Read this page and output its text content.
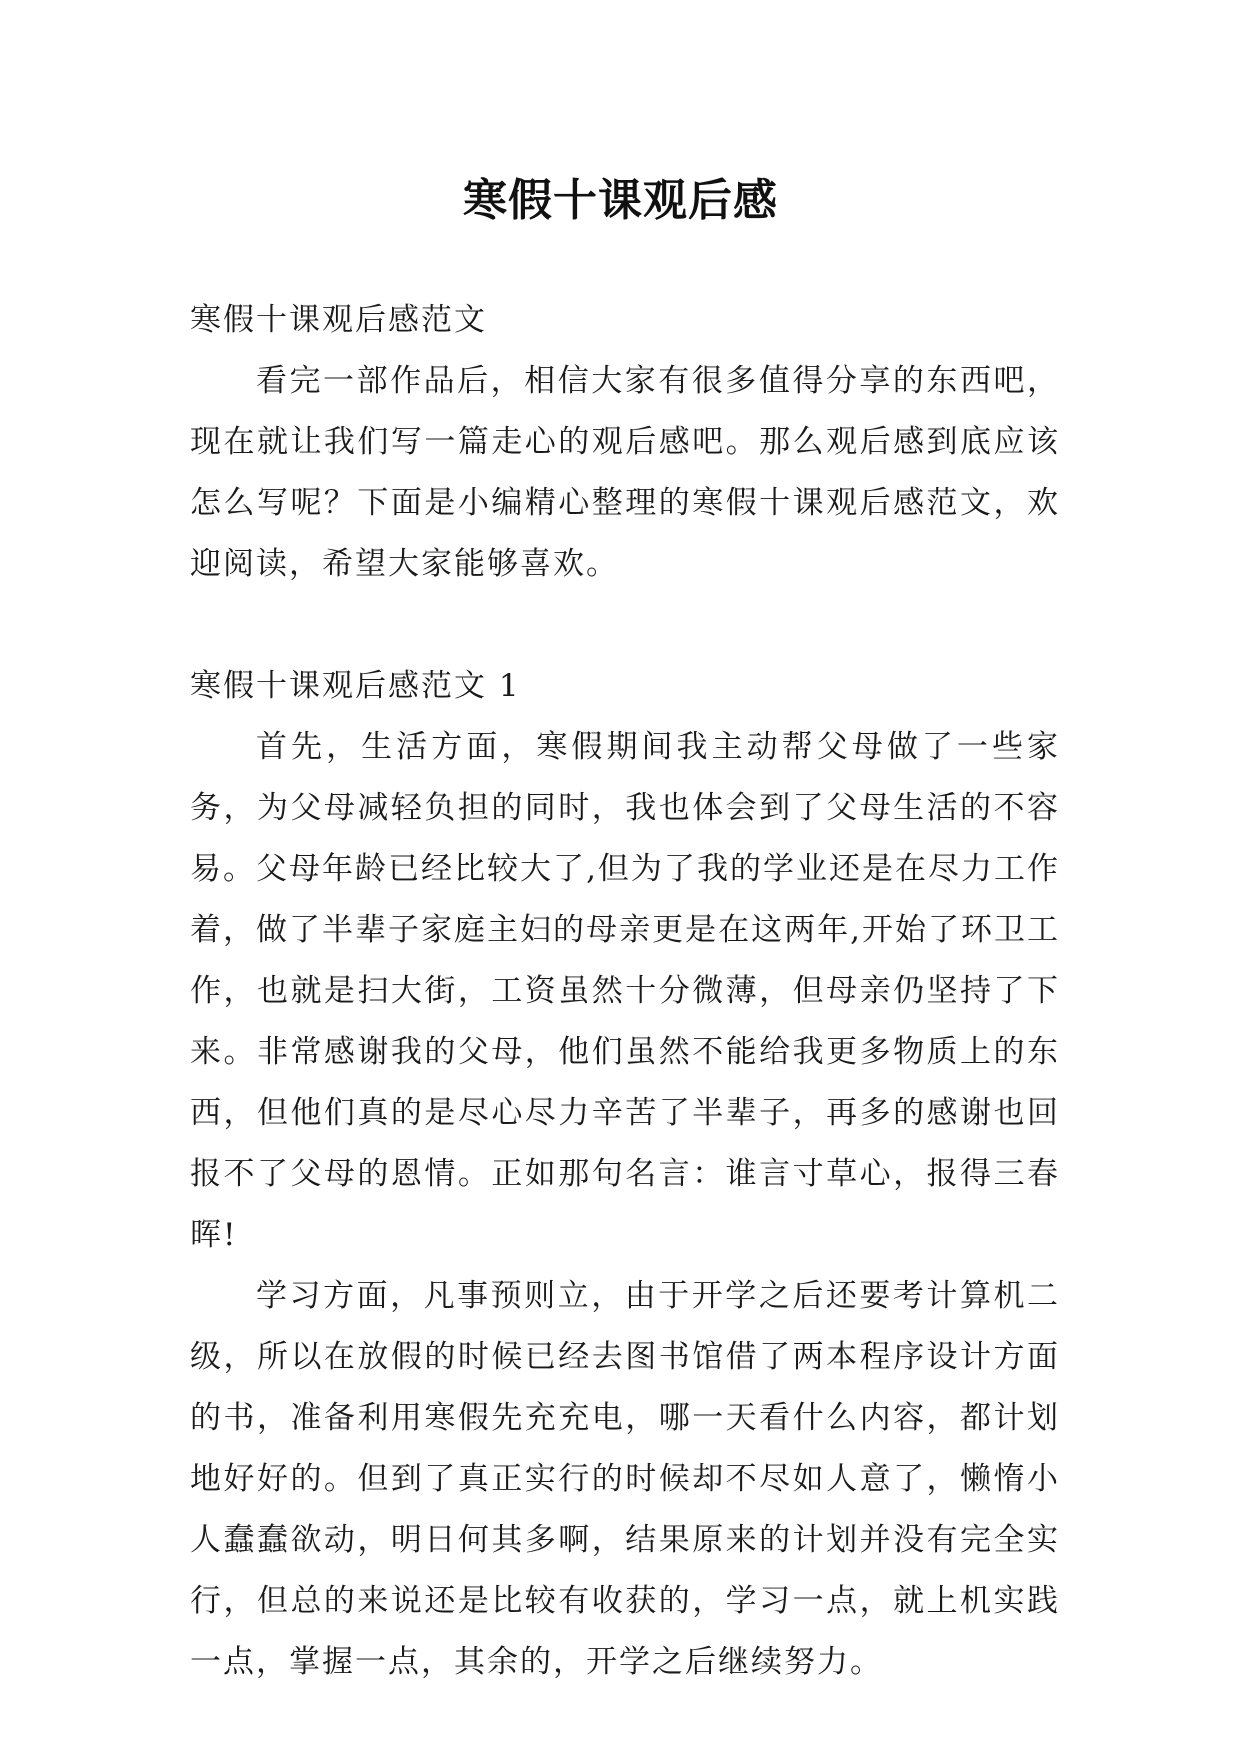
寒假十课观后感

寒假十课观后感范文

看完一部作品后，相信大家有很多值得分享的东西吧，现在就让我们写一篇走心的观后感吧。那么观后感到底应该怎么写呢？下面是小编精心整理的寒假十课观后感范文，欢迎阅读，希望大家能够喜欢。

寒假十课观后感范文 1

首先，生活方面，寒假期间我主动帮父母做了一些家务，为父母减轻负担的同时，我也体会到了父母生活的不容易。父母年龄已经比较大了,但为了我的学业还是在尽力工作着，做了半辈子家庭主妇的母亲更是在这两年,开始了环卫工作，也就是扫大街，工资虽然十分微薄，但母亲仍坚持了下来。非常感谢我的父母，他们虽然不能给我更多物质上的东西，但他们真的是尽心尽力辛苦了半辈子，再多的感谢也回报不了父母的恩情。正如那句名言：谁言寸草心，报得三春晖!

学习方面，凡事预则立，由于开学之后还要考计算机二级，所以在放假的时候已经去图书馆借了两本程序设计方面的书，准备利用寒假先充充电，哪一天看什么内容，都计划地好好的。但到了真正实行的时候却不尽如人意了，懒惰小人蠢蠢欲动，明日何其多啊，结果原来的计划并没有完全实行，但总的来说还是比较有收获的，学习一点，就上机实践一点，掌握一点，其余的，开学之后继续努力。
